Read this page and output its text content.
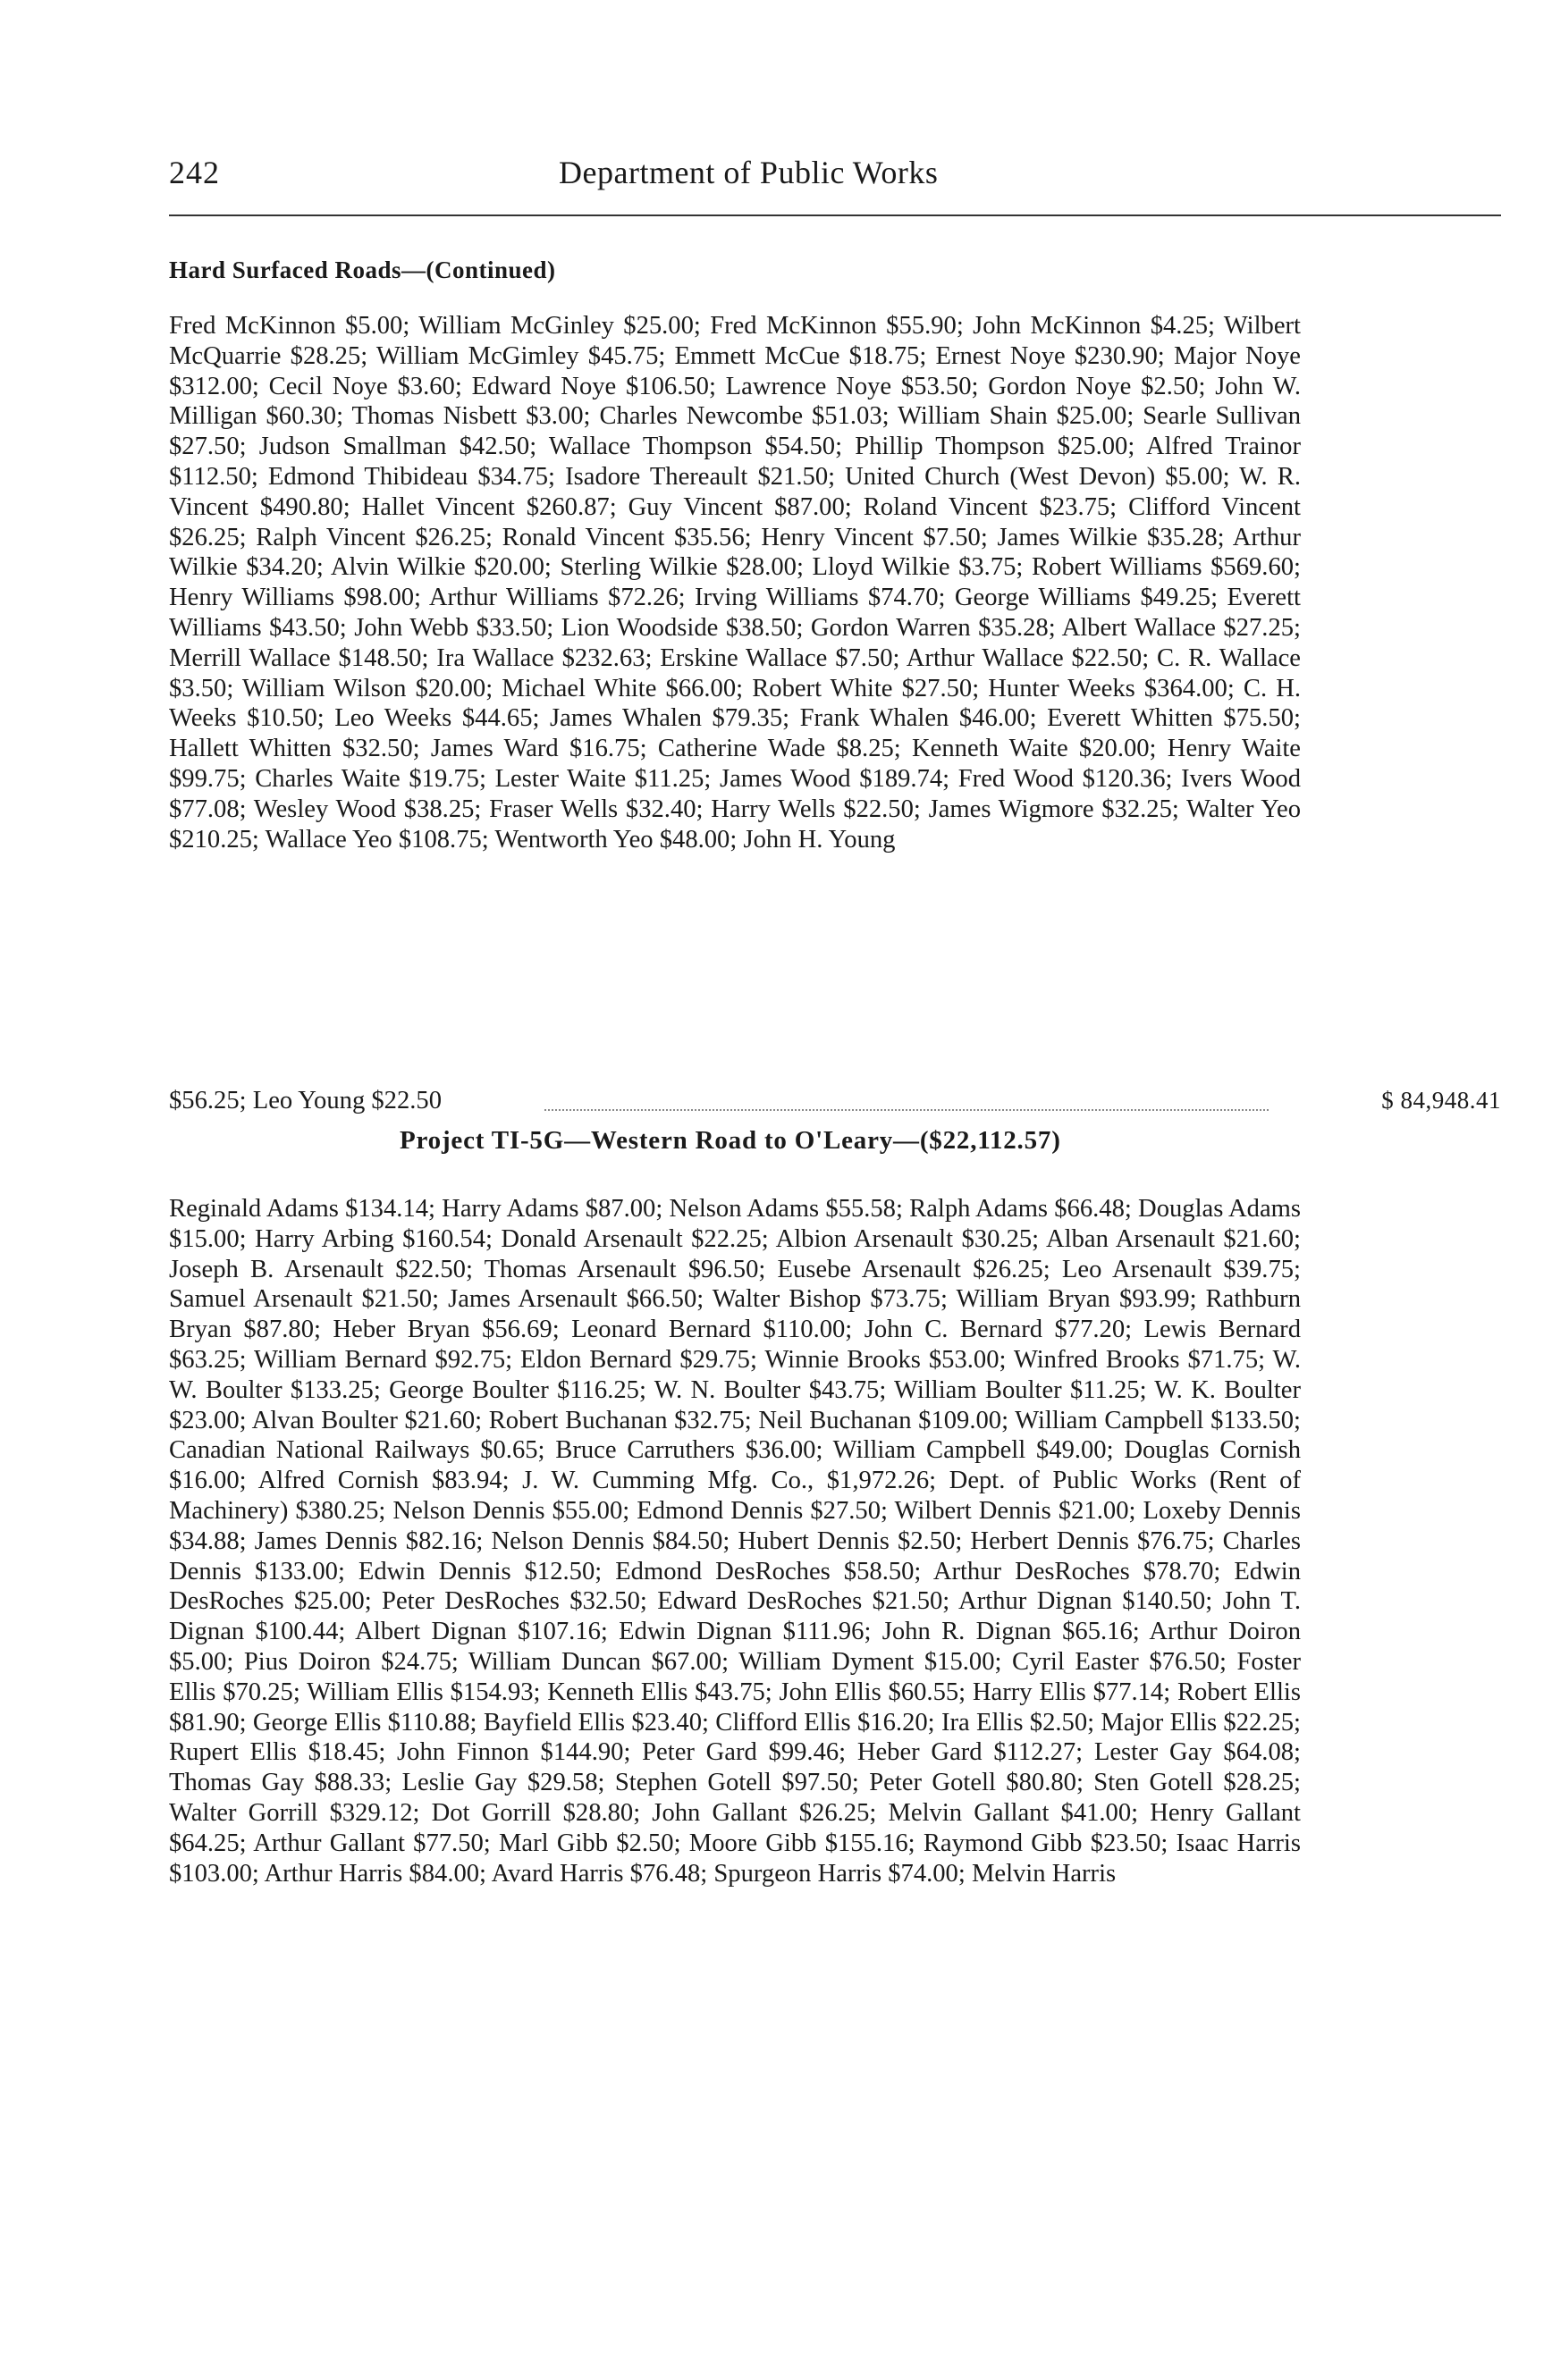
242	Department of Public Works
Hard Surfaced Roads—(Continued)
Fred McKinnon $5.00; William McGinley $25.00; Fred McKinnon $55.90; John McKinnon $4.25; Wilbert McQuarrie $28.25; William McGimley $45.75; Emmett McCue $18.75; Ernest Noye $230.90; Major Noye $312.00; Cecil Noye $3.60; Edward Noye $106.50; Lawrence Noye $53.50; Gordon Noye $2.50; John W. Milligan $60.30; Thomas Nisbett $3.00; Charles Newcombe $51.03; William Shain $25.00; Searle Sullivan $27.50; Judson Smallman $42.50; Wallace Thompson $54.50; Phillip Thompson $25.00; Alfred Trainor $112.50; Edmond Thibideau $34.75; Isadore Thereault $21.50; United Church (West Devon) $5.00; W. R. Vincent $490.80; Hallet Vincent $260.87; Guy Vincent $87.00; Roland Vincent $23.75; Clifford Vincent $26.25; Ralph Vincent $26.25; Ronald Vincent $35.56; Henry Vincent $7.50; James Wilkie $35.28; Arthur Wilkie $34.20; Alvin Wilkie $20.00; Sterling Wilkie $28.00; Lloyd Wilkie $3.75; Robert Williams $569.60; Henry Williams $98.00; Arthur Williams $72.26; Irving Williams $74.70; George Williams $49.25; Everett Williams $43.50; John Webb $33.50; Lion Woodside $38.50; Gordon Warren $35.28; Albert Wallace $27.25; Merrill Wallace $148.50; Ira Wallace $232.63; Erskine Wallace $7.50; Arthur Wallace $22.50; C. R. Wallace $3.50; William Wilson $20.00; Michael White $66.00; Robert White $27.50; Hunter Weeks $364.00; C. H. Weeks $10.50; Leo Weeks $44.65; James Whalen $79.35; Frank Whalen $46.00; Everett Whitten $75.50; Hallett Whitten $32.50; James Ward $16.75; Catherine Wade $8.25; Kenneth Waite $20.00; Henry Waite $99.75; Charles Waite $19.75; Lester Waite $11.25; James Wood $189.74; Fred Wood $120.36; Ivers Wood $77.08; Wesley Wood $38.25; Fraser Wells $32.40; Harry Wells $22.50; James Wigmore $32.25; Walter Yeo $210.25; Wallace Yeo $108.75; Wentworth Yeo $48.00; John H. Young
$56.25; Leo Young $22.50	$ 84,948.41
Project TI-5G—Western Road to O'Leary—($22,112.57)
Reginald Adams $134.14; Harry Adams $87.00; Nelson Adams $55.58; Ralph Adams $66.48; Douglas Adams $15.00; Harry Arbing $160.54; Donald Arsenault $22.25; Albion Arsenault $30.25; Alban Arsenault $21.60; Joseph B. Arsenault $22.50; Thomas Arsenault $96.50; Eusebe Arsenault $26.25; Leo Arsenault $39.75; Samuel Arsenault $21.50; James Arsenault $66.50; Walter Bishop $73.75; William Bryan $93.99; Rathburn Bryan $87.80; Heber Bryan $56.69; Leonard Bernard $110.00; John C. Bernard $77.20; Lewis Bernard $63.25; William Bernard $92.75; Eldon Bernard $29.75; Winnie Brooks $53.00; Winfred Brooks $71.75; W. W. Boulter $133.25; George Boulter $116.25; W. N. Boulter $43.75; William Boulter $11.25; W. K. Boulter $23.00; Alvan Boulter $21.60; Robert Buchanan $32.75; Neil Buchanan $109.00; William Campbell $133.50; Canadian National Railways $0.65; Bruce Carruthers $36.00; William Campbell $49.00; Douglas Cornish $16.00; Alfred Cornish $83.94; J. W. Cumming Mfg. Co., $1,972.26; Dept. of Public Works (Rent of Machinery) $380.25; Nelson Dennis $55.00; Edmond Dennis $27.50; Wilbert Dennis $21.00; Loxeby Dennis $34.88; James Dennis $82.16; Nelson Dennis $84.50; Hubert Dennis $2.50; Herbert Dennis $76.75; Charles Dennis $133.00; Edwin Dennis $12.50; Edmond DesRoches $58.50; Arthur DesRoches $78.70; Edwin DesRoches $25.00; Peter DesRoches $32.50; Edward DesRoches $21.50; Arthur Dignan $140.50; John T. Dignan $100.44; Albert Dignan $107.16; Edwin Dignan $111.96; John R. Dignan $65.16; Arthur Doiron $5.00; Pius Doiron $24.75; William Duncan $67.00; William Dyment $15.00; Cyril Easter $76.50; Foster Ellis $70.25; William Ellis $154.93; Kenneth Ellis $43.75; John Ellis $60.55; Harry Ellis $77.14; Robert Ellis $81.90; George Ellis $110.88; Bayfield Ellis $23.40; Clifford Ellis $16.20; Ira Ellis $2.50; Major Ellis $22.25; Rupert Ellis $18.45; John Finnon $144.90; Peter Gard $99.46; Heber Gard $112.27; Lester Gay $64.08; Thomas Gay $88.33; Leslie Gay $29.58; Stephen Gotell $97.50; Peter Gotell $80.80; Sten Gotell $28.25; Walter Gorrill $329.12; Dot Gorrill $28.80; John Gallant $26.25; Melvin Gallant $41.00; Henry Gallant $64.25; Arthur Gallant $77.50; Marl Gibb $2.50; Moore Gibb $155.16; Raymond Gibb $23.50; Isaac Harris $103.00; Arthur Harris $84.00; Avard Harris $76.48; Spurgeon Harris $74.00; Melvin Harris
